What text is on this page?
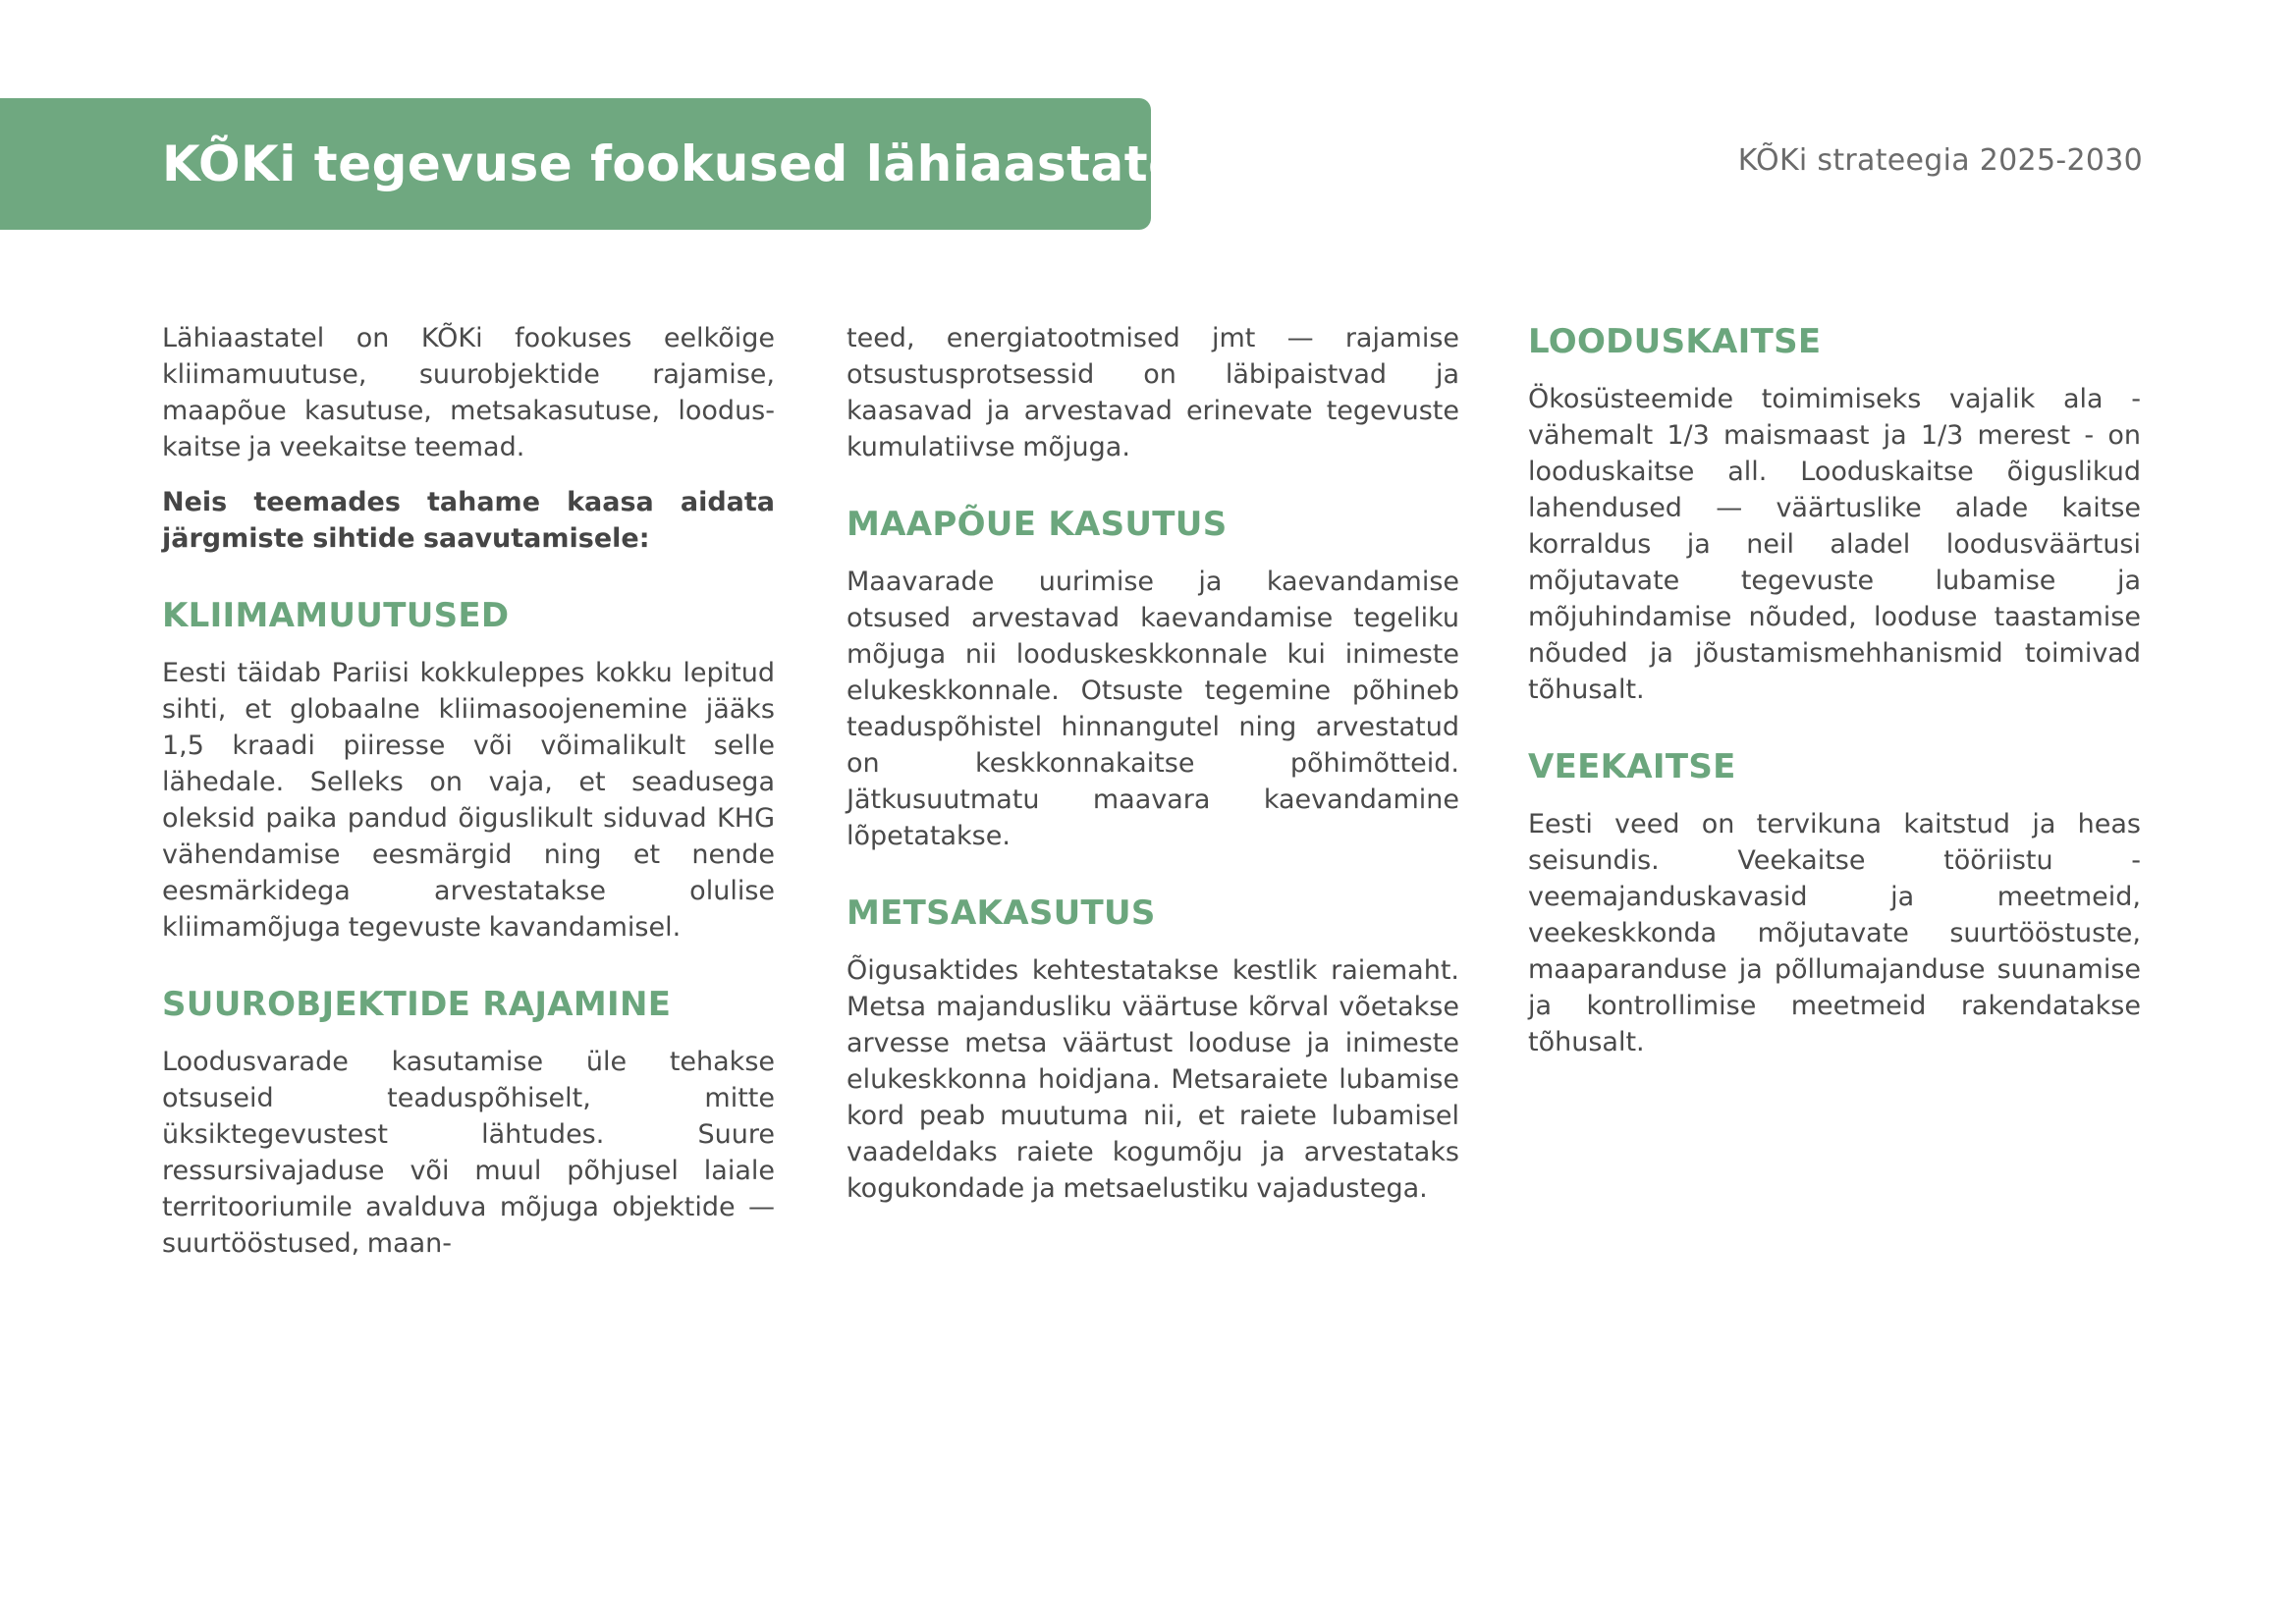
KÕKi tegevuse fookused lähiaastatel	KÕKi strateegia 2025-2030

Lähiaastatel on KÕKi fookuses eelkõige kliimamuutuse, suurobjektide rajamise, maapõue kasutuse, metsakasutuse, loodus-kaitse ja veekaitse teemad.

Neis teemades tahame kaasa aidata järgmiste sihtide saavutamisele:

KLIIMAMUUTUSED

Eesti täidab Pariisi kokkuleppes kokku lepitud sihti, et globaalne kliimasoojenemine jääks 1,5 kraadi piiresse või võimalikult selle lähedale. Selleks on vaja, et seadusega oleksid paika pandud õiguslikult siduvad KHG vähendamise eesmärgid ning et nende eesmärkidega arvestatakse olulise kliimamõjuga tegevuste kavandamisel.

SUUROBJEKTIDE RAJAMINE

Loodusvarade kasutamise üle tehakse otsuseid teaduspõhiselt, mitte üksiktegevustest lähtudes. Suure ressursivajaduse või muul põhjusel laiale territooriumile avalduva mõjuga objektide — suurtööstused, maan-

teed, energiatootmised jmt — rajamise otsustusprotsessid on läbipaistvad ja kaasavad ja arvestavad erinevate tegevuste kumulatiivse mõjuga.

MAAPÕUE KASUTUS

Maavarade uurimise ja kaevandamise otsused arvestavad kaevandamise tegeliku mõjuga nii looduskeskkonnale kui inimeste elukeskkonnale. Otsuste tegemine põhineb teaduspõhistel hinnangutel ning arvestatud on keskkonnakaitse põhimõtteid. Jätkusuutmatu maavara kaevandamine lõpetatakse.

METSAKASUTUS

Õigusaktides kehtestatakse kestlik raiemaht. Metsa majandusliku väärtuse kõrval võetakse arvesse metsa väärtust looduse ja inimeste elukeskkonna hoidjana. Metsaraiete lubamise kord peab muutuma nii, et raiete lubamisel vaadeldaks raiete kogumõju ja arvestataks kogukondade ja metsaelustiku vajadustega.

LOODUSKAITSE

Ökosüsteemide toimimiseks vajalik ala - vähemalt 1/3 maismaast ja 1/3 merest - on looduskaitse all. Looduskaitse õiguslikud lahendused — väärtuslike alade kaitse korraldus ja neil aladel loodusväärtusi mõjutavate tegevuste lubamise ja mõjuhindamise nõuded, looduse taastamise nõuded ja jõustamismehhanismid toimivad tõhusalt.

VEEKAITSE

Eesti veed on tervikuna kaitstud ja heas seisundis. Veekaitse tööriistu - veemajanduskavasid ja meetmeid, veekeskkonda mõjutavate suurtööstuste, maaparanduse ja põllumajanduse suunamise ja kontrollimise meetmeid rakendatakse tõhusalt.
